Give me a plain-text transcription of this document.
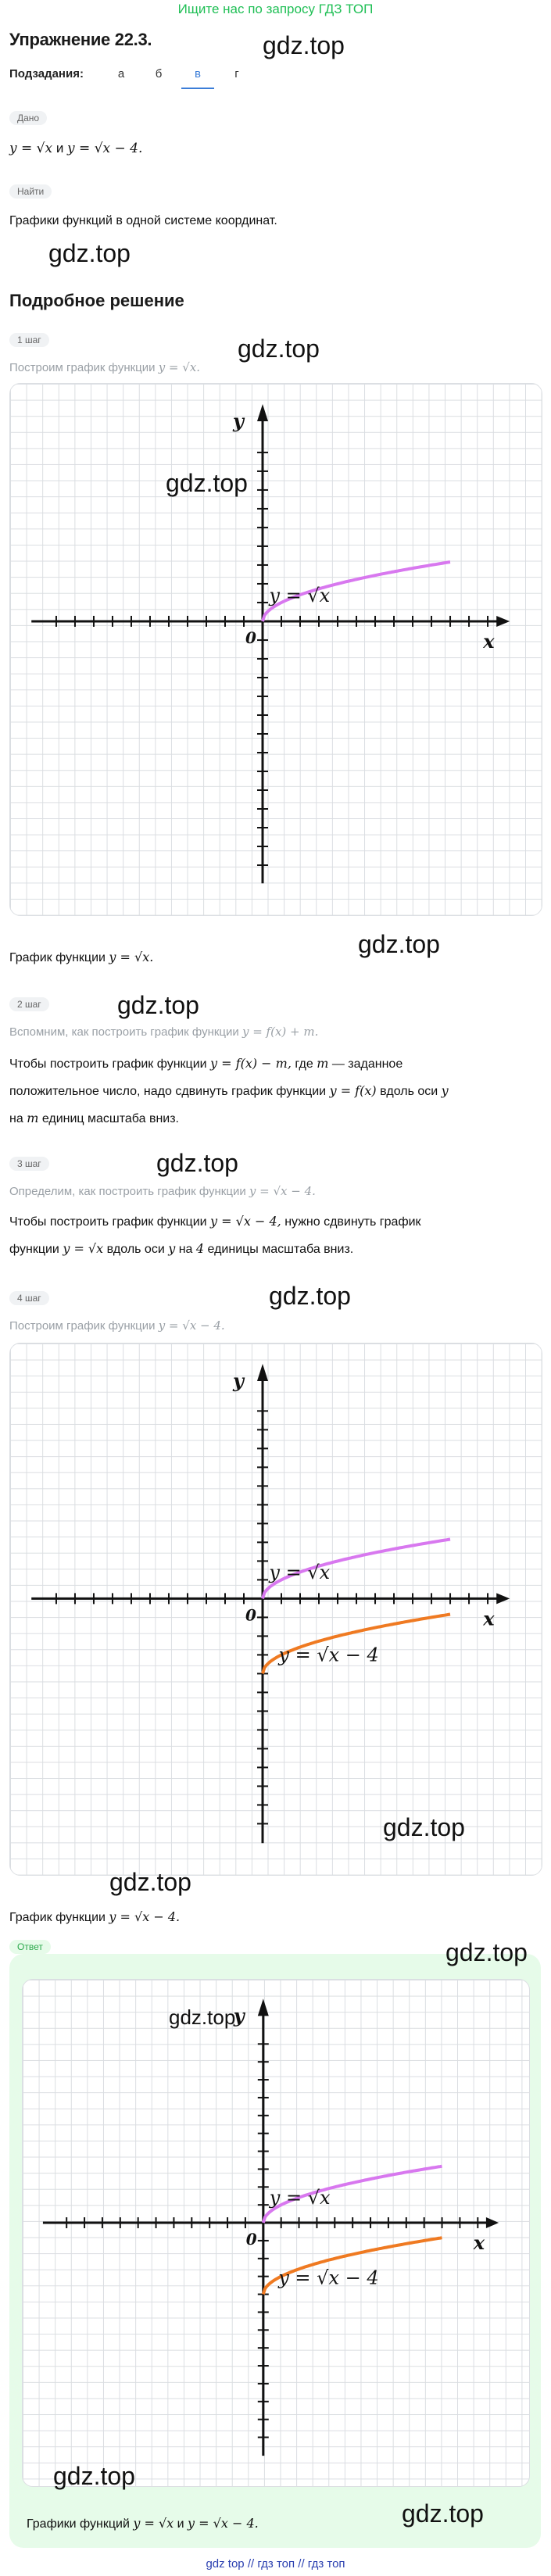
Ищите нас по запросу ГДЗ ТОП
Упражнение 22.3.	gdz.top
Подзадания:	а	б	в	г
Дано
y = √x и y = √x − 4.
Найти
Графики функций в одной системе координат.
gdz.top
Подробное решение
1 шаг	gdz.top
Построим график функции y = √x.
x
y
0
y = √x
gdz.top
График функции y = √x.	gdz.top
2 шаг	gdz.top
Вспомним, как построить график функции y = f(x) + m.
Чтобы построить график функции y = f(x) − m, где m — заданное
положительное число, надо сдвинуть график функции y = f(x) вдоль оси y
на m единиц масштаба вниз.
3 шаг	gdz.top
Определим, как построить график функции y = √x − 4.
Чтобы построить график функции y = √x − 4, нужно сдвинуть график
функции y = √x вдоль оси y на 4 единицы масштаба вниз.
4 шаг	gdz.top
Построим график функции y = √x − 4.
x
y
0
y = √x
y = √x − 4
gdz.top
gdz.top
График функции y = √x − 4.
Ответ	gdz.top
x
y
0
y = √x
y = √x − 4
gdz.top
gdz.top
gdz.top
Графики функций y = √x и y = √x − 4.
gdz top // гдз топ // гдз топ
